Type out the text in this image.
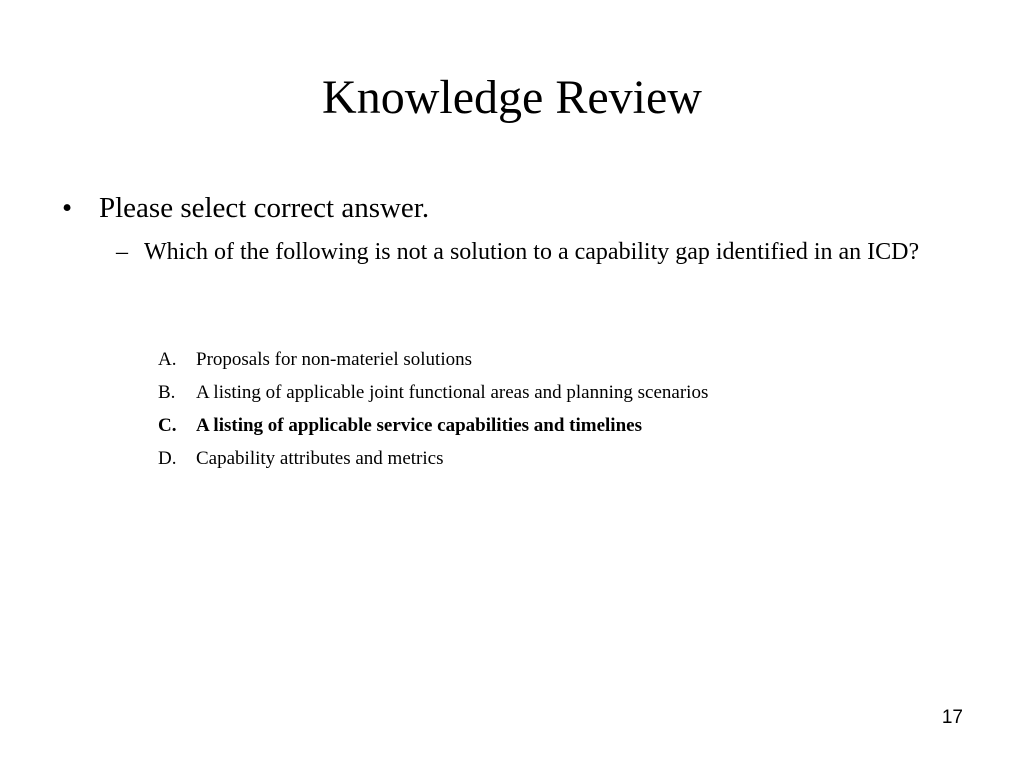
Knowledge Review
• Please select correct answer.
– Which of the following is not a solution to a capability gap identified in an ICD?
A. Proposals for non-materiel solutions
B. A listing of applicable joint functional areas and planning scenarios
C. A listing of applicable service capabilities and timelines
D. Capability attributes and metrics
17
